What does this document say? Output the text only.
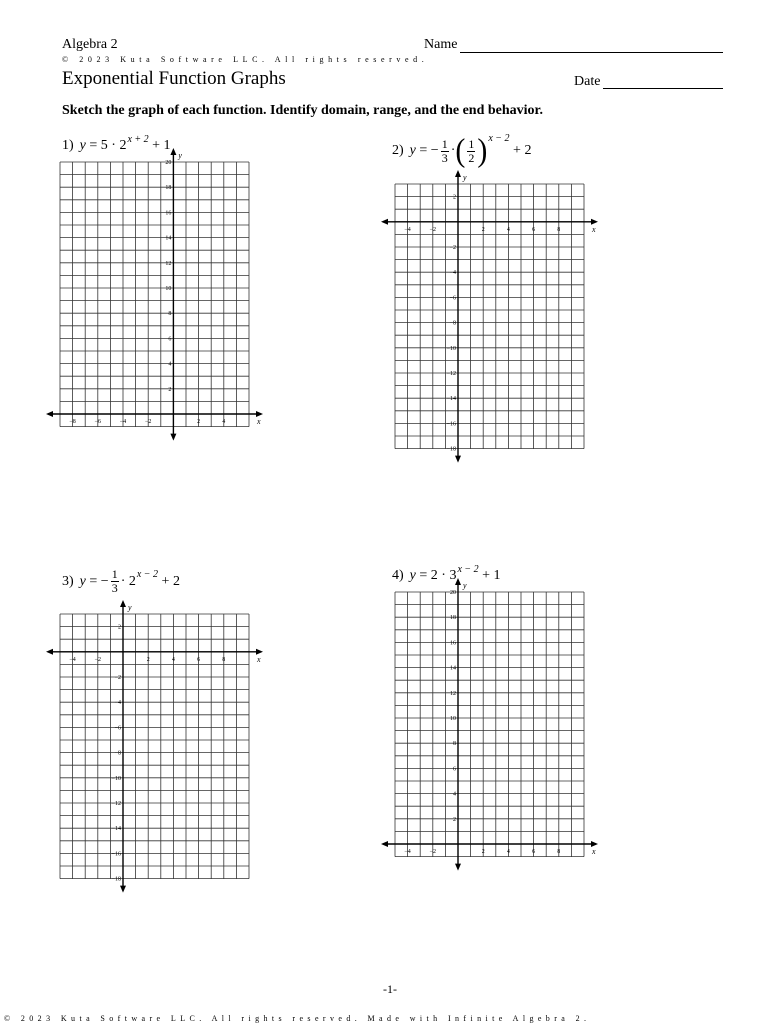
Algebra 2	Name
© 2023 Kuta Software LLC. All rights reserved.
Exponential Function Graphs	Date
Sketch the graph of each function. Identify domain, range, and the end behavior.
1) y
=
5
·
2 x + 2
+ 1	2) y
= − $\frac{1}{3}$ · ( $\frac{1}{2}$ ) x − 2

+ 2
3) y
= − $\frac{1}{3}$ ·
2 x − 2
+ 2	4) y
=
2
·
3 x − 2
+ 1
x
y
−8	−6	−4	−2	2	4
20
18
16
14
12
10
8
6
4
2
x
y
−4	−2	2	4	6	8
2
−2
−4
−6
−8
−10
−12
−14
−16
−18
x
y
−4	−2	2	4	6	8
2
−2
−4
−6
−8
−10
−12
−14
−16
−18
x
y
−4	−2	2	4	6	8
20
18
16
14
12
10
8
6
4
2
-1-
© 2023 Kuta Software LLC. All rights reserved. Made with Infinite Algebra 2.
